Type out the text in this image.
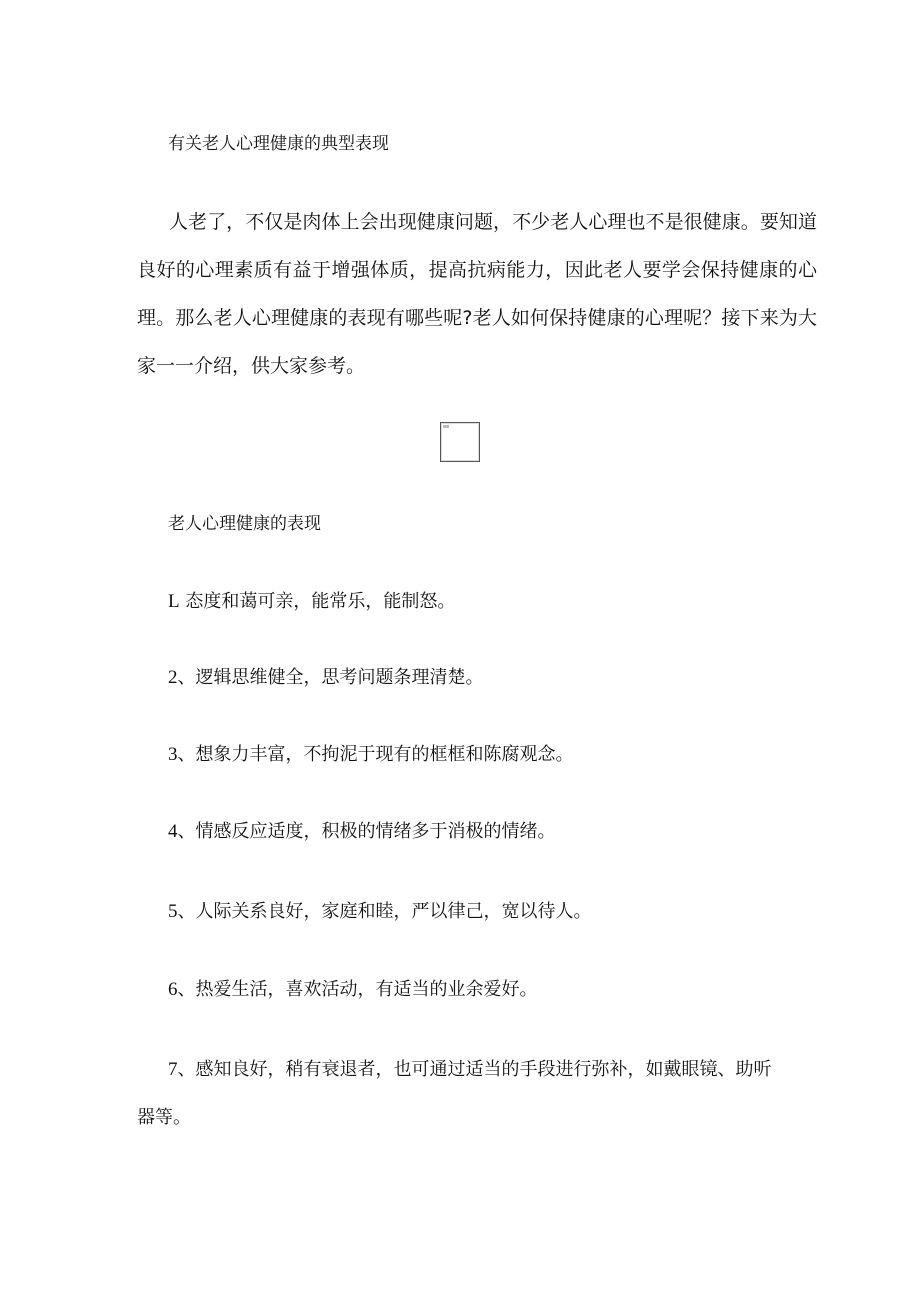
有关老人心理健康的典型表现
人老了，不仅是肉体上会出现健康问题，不少老人心理也不是很健康。要知道良好的心理素质有益于增强体质，提高抗病能力，因此老人要学会保持健康的心理。那么老人心理健康的表现有哪些呢?老人如何保持健康的心理呢？接下来为大家一一介绍，供大家参考。
老人心理健康的表现
L 态度和蔼可亲，能常乐，能制怒。
2、逻辑思维健全，思考问题条理清楚。
3、想象力丰富，不拘泥于现有的框框和陈腐观念。
4、情感反应适度，积极的情绪多于消极的情绪。
5、人际关系良好，家庭和睦，严以律己，宽以待人。
6、热爱生活，喜欢活动，有适当的业余爱好。
7、感知良好，稍有衰退者，也可通过适当的手段进行弥补，如戴眼镜、助听器等。
